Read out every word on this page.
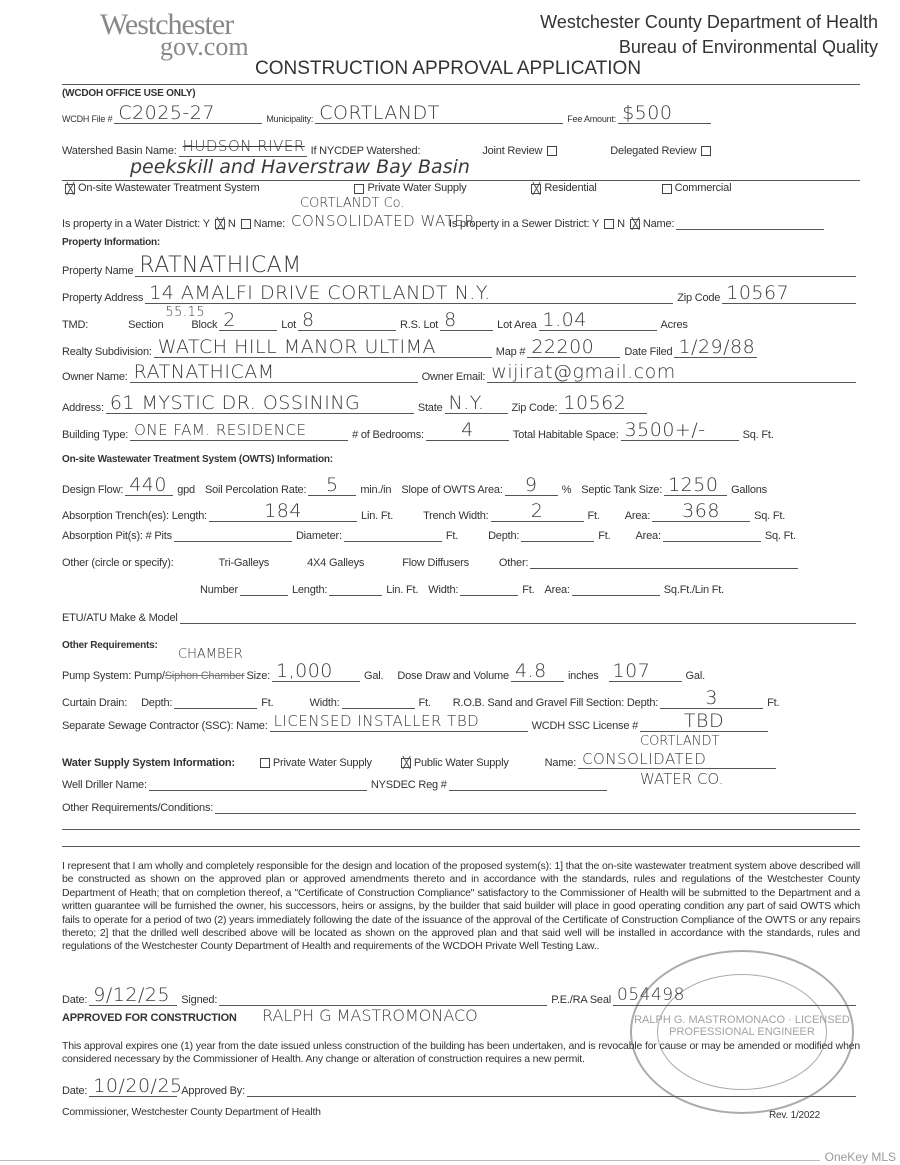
Westchester
gov.com
Westchester County Department of Health
Bureau of Environmental Quality
CONSTRUCTION APPROVAL APPLICATION
(WCDOH OFFICE USE ONLY)
WCDH File # C2025-27	Municipality: CORTLANDT	Fee Amount: $500
Watershed Basin Name: HUDSON RIVER If NYCDEP Watershed:	Joint Review	Delegated Review
peekskill and Haverstraw Bay Basin
On-site Wastewater Treatment System	Private Water Supply	Residential	Commercial
CORTLANDT Co.
Is property in a Water District: Y N Name: CONSOLIDATED WATER
Is property in a Sewer District: Y N Name:
Property Information:
Property Name RATNATHICAM
Property Address 14 AMALFI DRIVE CORTLANDT N.Y.	Zip Code 10567
TMD:	Section
55.15
Block 2	Lot 8	R.S. Lot 8	Lot Area 1.04	Acres
Realty Subdivision: WATCH HILL MANOR ULTIMA	Map # 22200	Date Filed 1/29/88
Owner Name: RATNATHICAM	Owner Email: wijirat@gmail.com
Address: 61 MYSTIC DR. OSSINING	State N.Y.	Zip Code: 10562
Building Type: ONE FAM. RESIDENCE	# of Bedrooms:	4	Total Habitable Space: 3500+/-	Sq. Ft.
On-site Wastewater Treatment System (OWTS) Information:
Design Flow: 440 gpd Soil Percolation Rate:	5	min./in Slope of OWTS Area:	9	% Septic Tank Size: 1250	Gallons
Absorption Trench(es): Length:	184	Lin. Ft.	Trench Width:	2	Ft. Area:	368	Sq. Ft.
Absorption Pit(s): # Pits	Diameter:	Ft.	Depth:	Ft. Area:	Sq. Ft.
Other (circle or specify):	Tri-Galleys	4X4 Galleys	Flow Diffusers	Other:
Number	Length:	Lin. Ft. Width:	Ft. Area:	Sq.Ft./Lin Ft.
ETU/ATU Make & Model
Other Requirements:
CHAMBER
Pump System: Pump/ Siphon Chamber Size: 1,000	Gal. Dose Draw and Volume 4.8	inches 107	Gal.
Curtain Drain: Depth:	Ft.	Width:	Ft. R.O.B. Sand and Gravel Fill Section: Depth:	3	Ft.
Separate Sewage Contractor (SSC): Name: LICENSED INSTALLER TBD	WCDH SSC License #	TBD
CORTLANDT
Water Supply System Information:	Private Water Supply	Public Water Supply	Name: CONSOLIDATED
WATER CO.
Well Driller Name:	NYSDEC Reg #
Other Requirements/Conditions:
I represent that I am wholly and completely responsible for the design and location of the proposed system(s): 1] that the on-site wastewater treatment system above described will be constructed as shown on the approved plan or approved amendments thereto and in accordance with the standards, rules and regulations of the Westchester County Department of Heath; that on completion thereof, a "Certificate of Construction Compliance" satisfactory to the Commissioner of Health will be submitted to the Department and a written guarantee will be furnished the owner, his successors, heirs or assigns, by the builder that said builder will place in good operating condition any part of said OWTS which fails to operate for a period of two (2) years immediately following the date of the issuance of the approval of the Certificate of Construction Compliance of the OWTS or any repairs thereto; 2] that the drilled well described above will be located as shown on the approved plan and that said well will be installed in accordance with the standards, rules and regulations of the Westchester County Department of Health and requirements of the WCDOH Private Well Testing Law..
RALPH G. MASTROMONACO · LICENSED PROFESSIONAL ENGINEER
Date: 9/12/25	Signed:	P.E./RA Seal 054498
RALPH G MASTROMONACO
APPROVED FOR CONSTRUCTION
This approval expires one (1) year from the date issued unless construction of the building has been undertaken, and is revocable for cause or may be amended or modified when considered necessary by the Commissioner of Health. Any change or alteration of construction requires a new permit.
Date: 10/20/25
Approved By:
Commissioner, Westchester County Department of Health	Rev. 1/2022
OneKey MLS
